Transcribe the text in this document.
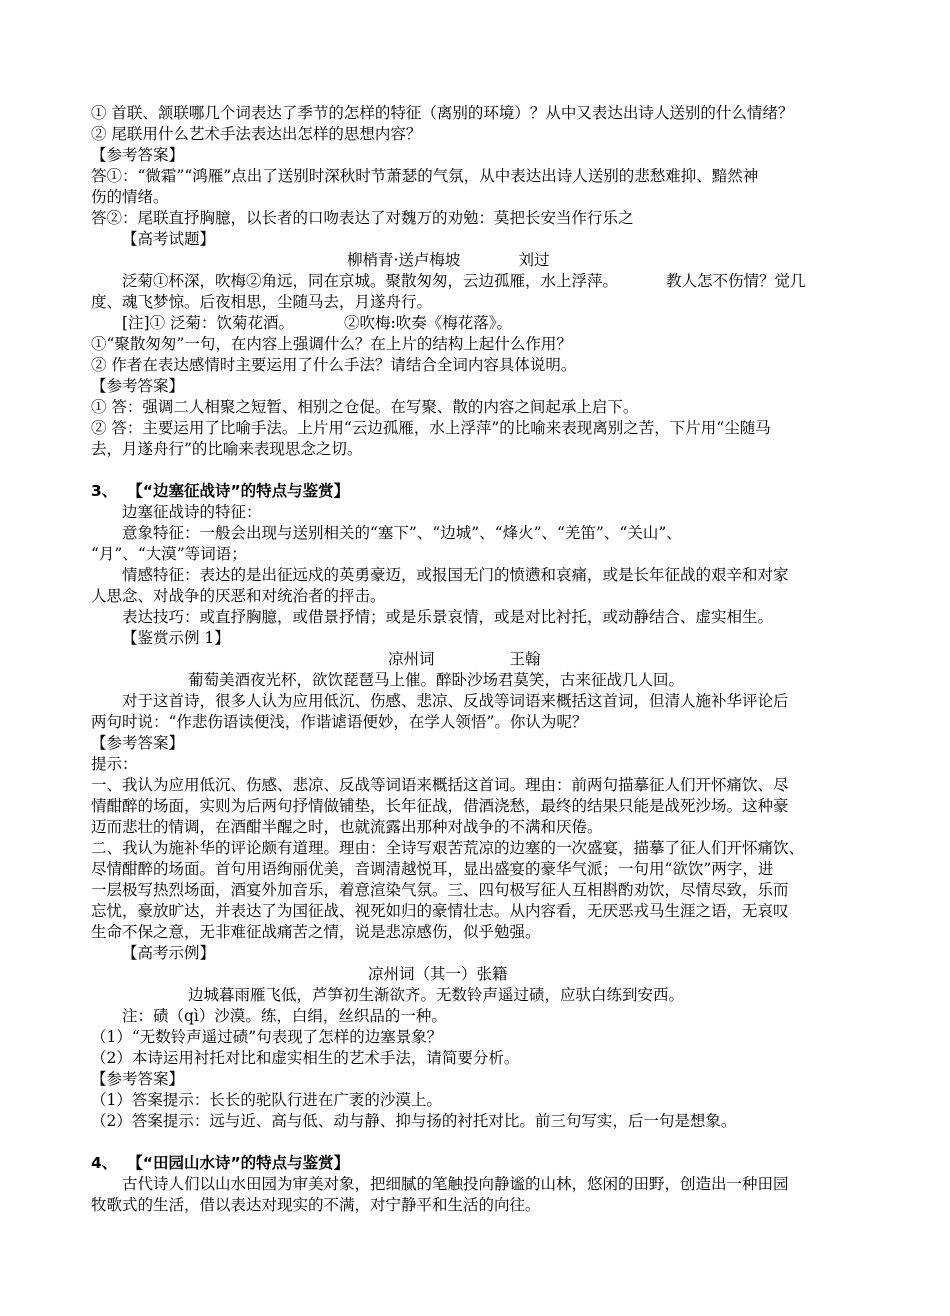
① 首联、颔联哪几个词表达了季节的怎样的特征（离别的环境）？从中又表达出诗人送别的什么情绪？
② 尾联用什么艺术手法表达出怎样的思想内容？
【参考答案】
答①：“微霜”“鸿雁”点出了送别时深秋时节萧瑟的气氛，从中表达出诗人送别的悲愁难抑、黯然神
伤的情绪。
答②：尾联直抒胸臆，以长者的口吻表达了对魏万的劝勉：莫把长安当作行乐之
【高考试题】
柳梢青·送卢梅坡	刘过
泛菊①杯深，吹梅②角远，同在京城。聚散匆匆，云边孤雁，水上浮萍。	教人怎不伤情？觉几
度、魂飞梦惊。后夜相思，尘随马去，月遂舟行。
[注]① 泛菊：饮菊花酒。	②吹梅:吹奏《梅花落》。
①“聚散匆匆”一句，在内容上强调什么？在上片的结构上起什么作用？
② 作者在表达感情时主要运用了什么手法？请结合全词内容具体说明。
【参考答案】
① 答：强调二人相聚之短暂、相别之仓促。在写聚、散的内容之间起承上启下。
② 答：主要运用了比喻手法。上片用“云边孤雁，水上浮萍”的比喻来表现离别之苦，下片用“尘随马
去，月遂舟行”的比喻来表现思念之切。
3、 【“边塞征战诗”的特点与鉴赏】
边塞征战诗的特征：
意象特征：一般会出现与送别相关的“塞下”、“边城”、“烽火”、“羌笛”、“关山”、
“月”、“大漠”等词语；
情感特征：表达的是出征远戍的英勇豪迈，或报国无门的愤懑和哀痛，或是长年征战的艰辛和对家
人思念、对战争的厌恶和对统治者的抨击。
表达技巧：或直抒胸臆，或借景抒情；或是乐景哀情，或是对比衬托，或动静结合、虚实相生。
【鉴赏示例 1】
凉州词	王翰
葡萄美酒夜光杯，欲饮琵琶马上催。醉卧沙场君莫笑，古来征战几人回。
对于这首诗，很多人认为应用低沉、伤感、悲凉、反战等词语来概括这首词，但清人施补华评论后
两句时说：“作悲伤语读便浅，作谐谑语便妙，在学人领悟”。你认为呢？
【参考答案】
提示：
一、我认为应用低沉、伤感、悲凉、反战等词语来概括这首词。理由：前两句描摹征人们开怀痛饮、尽
情酣醉的场面，实则为后两句抒情做铺垫，长年征战，借酒浇愁，最终的结果只能是战死沙场。这种豪
迈而悲壮的情调，在酒酣半醒之时，也就流露出那种对战争的不满和厌倦。
二、我认为施补华的评论颇有道理。理由：全诗写艰苦荒凉的边塞的一次盛宴，描摹了征人们开怀痛饮、
尽情酣醉的场面。首句用语绚丽优美，音调清越悦耳，显出盛宴的豪华气派；一句用“欲饮”两字，进
一层极写热烈场面，酒宴外加音乐，着意渲染气氛。三、四句极写征人互相斟酌劝饮，尽情尽致，乐而
忘忧，豪放旷达，并表达了为国征战、视死如归的豪情壮志。从内容看，无厌恶戎马生涯之语，无哀叹
生命不保之意，无非难征战痛苦之情，说是悲凉感伤，似乎勉强。
【高考示例】
凉州词（其一）张籍
边城暮雨雁飞低，芦笋初生渐欲齐。无数铃声遥过碛，应驮白练到安西。
注：碛（qì）沙漠。练，白绢，丝织品的一种。
（1）“无数铃声遥过碛”句表现了怎样的边塞景象？
（2）本诗运用衬托对比和虚实相生的艺术手法，请简要分析。
【参考答案】
（1）答案提示：长长的驼队行进在广袤的沙漠上。
（2）答案提示：远与近、高与低、动与静、抑与扬的衬托对比。前三句写实，后一句是想象。
4、 【“田园山水诗”的特点与鉴赏】
古代诗人们以山水田园为审美对象，把细腻的笔触投向静谧的山林，悠闲的田野，创造出一种田园
牧歌式的生活，借以表达对现实的不满，对宁静平和生活的向往。
